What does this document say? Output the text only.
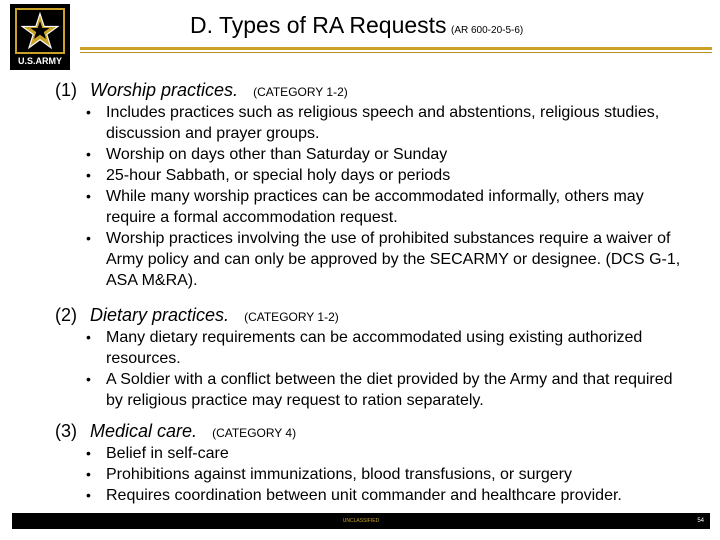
U.S.ARMY
D. Types of RA Requests (AR 600-20-5-6)
(1) Worship practices. (CATEGORY 1-2)
• Includes practices such as religious speech and abstentions, religious studies, discussion and prayer groups.
• Worship on days other than Saturday or Sunday
• 25-hour Sabbath, or special holy days or periods
• While many worship practices can be accommodated informally, others may require a formal accommodation request.
• Worship practices involving the use of prohibited substances require a waiver of Army policy and can only be approved by the SECARMY or designee. (DCS G-1, ASA M&RA).
(2) Dietary practices. (CATEGORY 1-2)
• Many dietary requirements can be accommodated using existing authorized resources.
• A Soldier with a conflict between the diet provided by the Army and that required by religious practice may request to ration separately.
(3) Medical care. (CATEGORY 4)
• Belief in self-care
• Prohibitions against immunizations, blood transfusions, or surgery
• Requires coordination between unit commander and healthcare provider.
UNCLASSIFIED	54
